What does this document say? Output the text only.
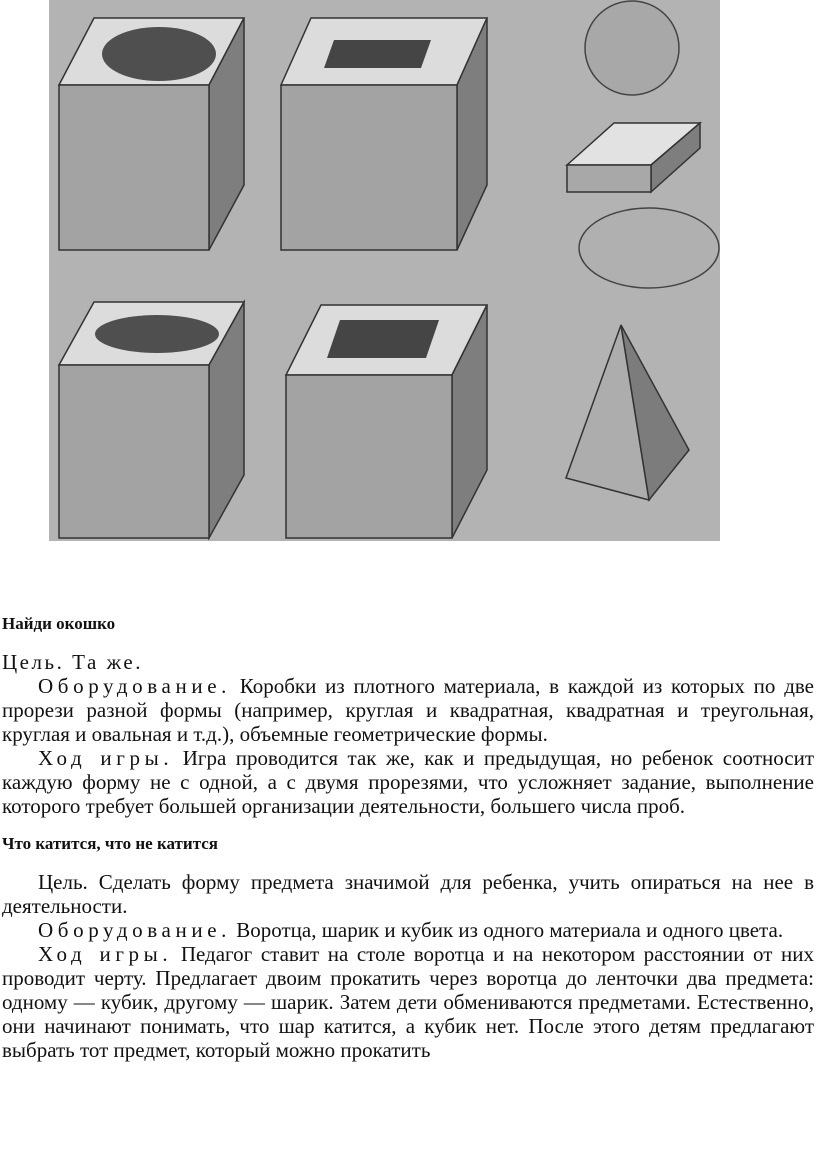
Найди окошко

Цель. Та же.

Оборудование. Коробки из плотного материала, в каждой из которых по две прорези разной формы (например, круглая и квадратная, квадратная и треугольная, круглая и овальная и т.д.), объемные геометрические формы.

Ход игры. Игра проводится так же, как и предыдущая, но ребенок соотносит каждую форму не с одной, а с двумя прорезями, что усложняет задание, выполнение которого требует большей организации деятельности, большего числа проб.

Что катится, что не катится

Цель. Сделать форму предмета значимой для ребенка, учить опираться на нее в деятельности.

Оборудование. Воротца, шарик и кубик из одного материала и одного цвета.

Ход игры. Педагог ставит на столе воротца и на некотором расстоянии от них проводит черту. Предлагает двоим прокатить через воротца до ленточки два предмета: одному — кубик, другому — шарик. Затем дети обмениваются предметами. Естественно, они начинают понимать, что шар катится, а кубик нет. После этого детям предлагают выбрать тот предмет, который можно прокатить
